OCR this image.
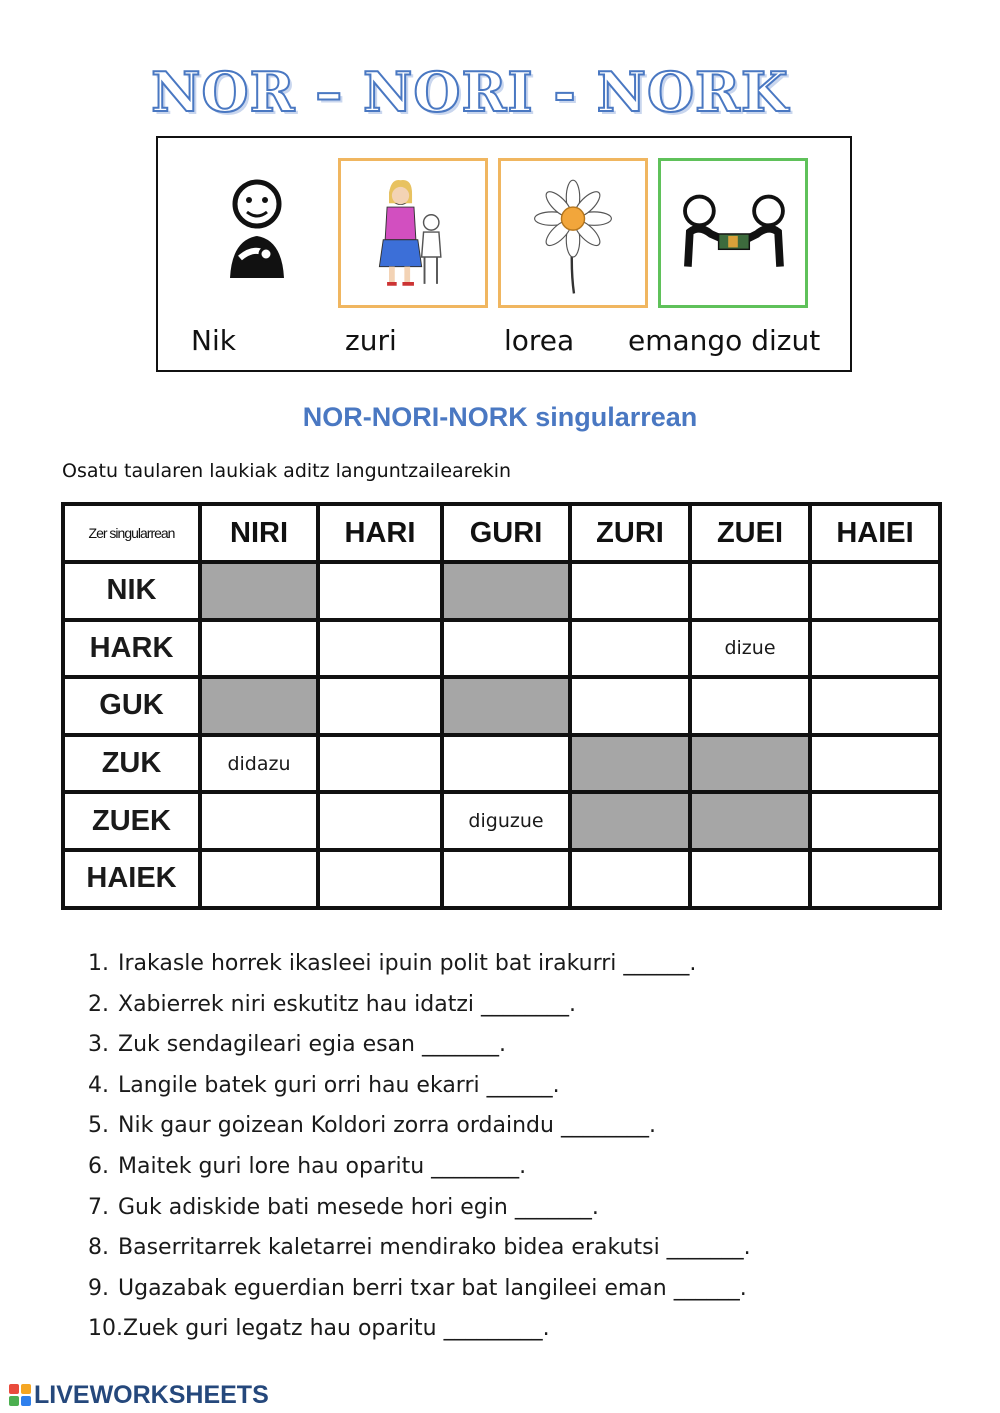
NOR – NORI - NORK
Nik	zuri	lorea emango dizut
NOR-NORI-NORK singularrean
Osatu taularen laukiak aditz languntzailearekin
Zer singularrean	NIRI	HARI	GURI	ZURI	ZUEI	HAIEI
NIK						
HARK					dizue	
GUK						
ZUK	didazu					
ZUEK			diguzue			
HAIEK						
1. Irakasle horrek ikasleei ipuin polit bat irakurri ______.
2. Xabierrek niri eskutitz hau idatzi ________.
3. Zuk sendagileari egia esan _______.
4. Langile batek guri orri hau ekarri ______.
5. Nik gaur goizean Koldori zorra ordaindu ________.
6. Maitek guri lore hau oparitu ________.
7. Guk adiskide bati mesede hori egin _______.
8. Baserritarrek kaletarrei mendirako bidea erakutsi _______.
9. Ugazabak eguerdian berri txar bat langileei eman ______.
10.Zuek guri legatz hau oparitu _________.
LIVEWORKSHEETS
